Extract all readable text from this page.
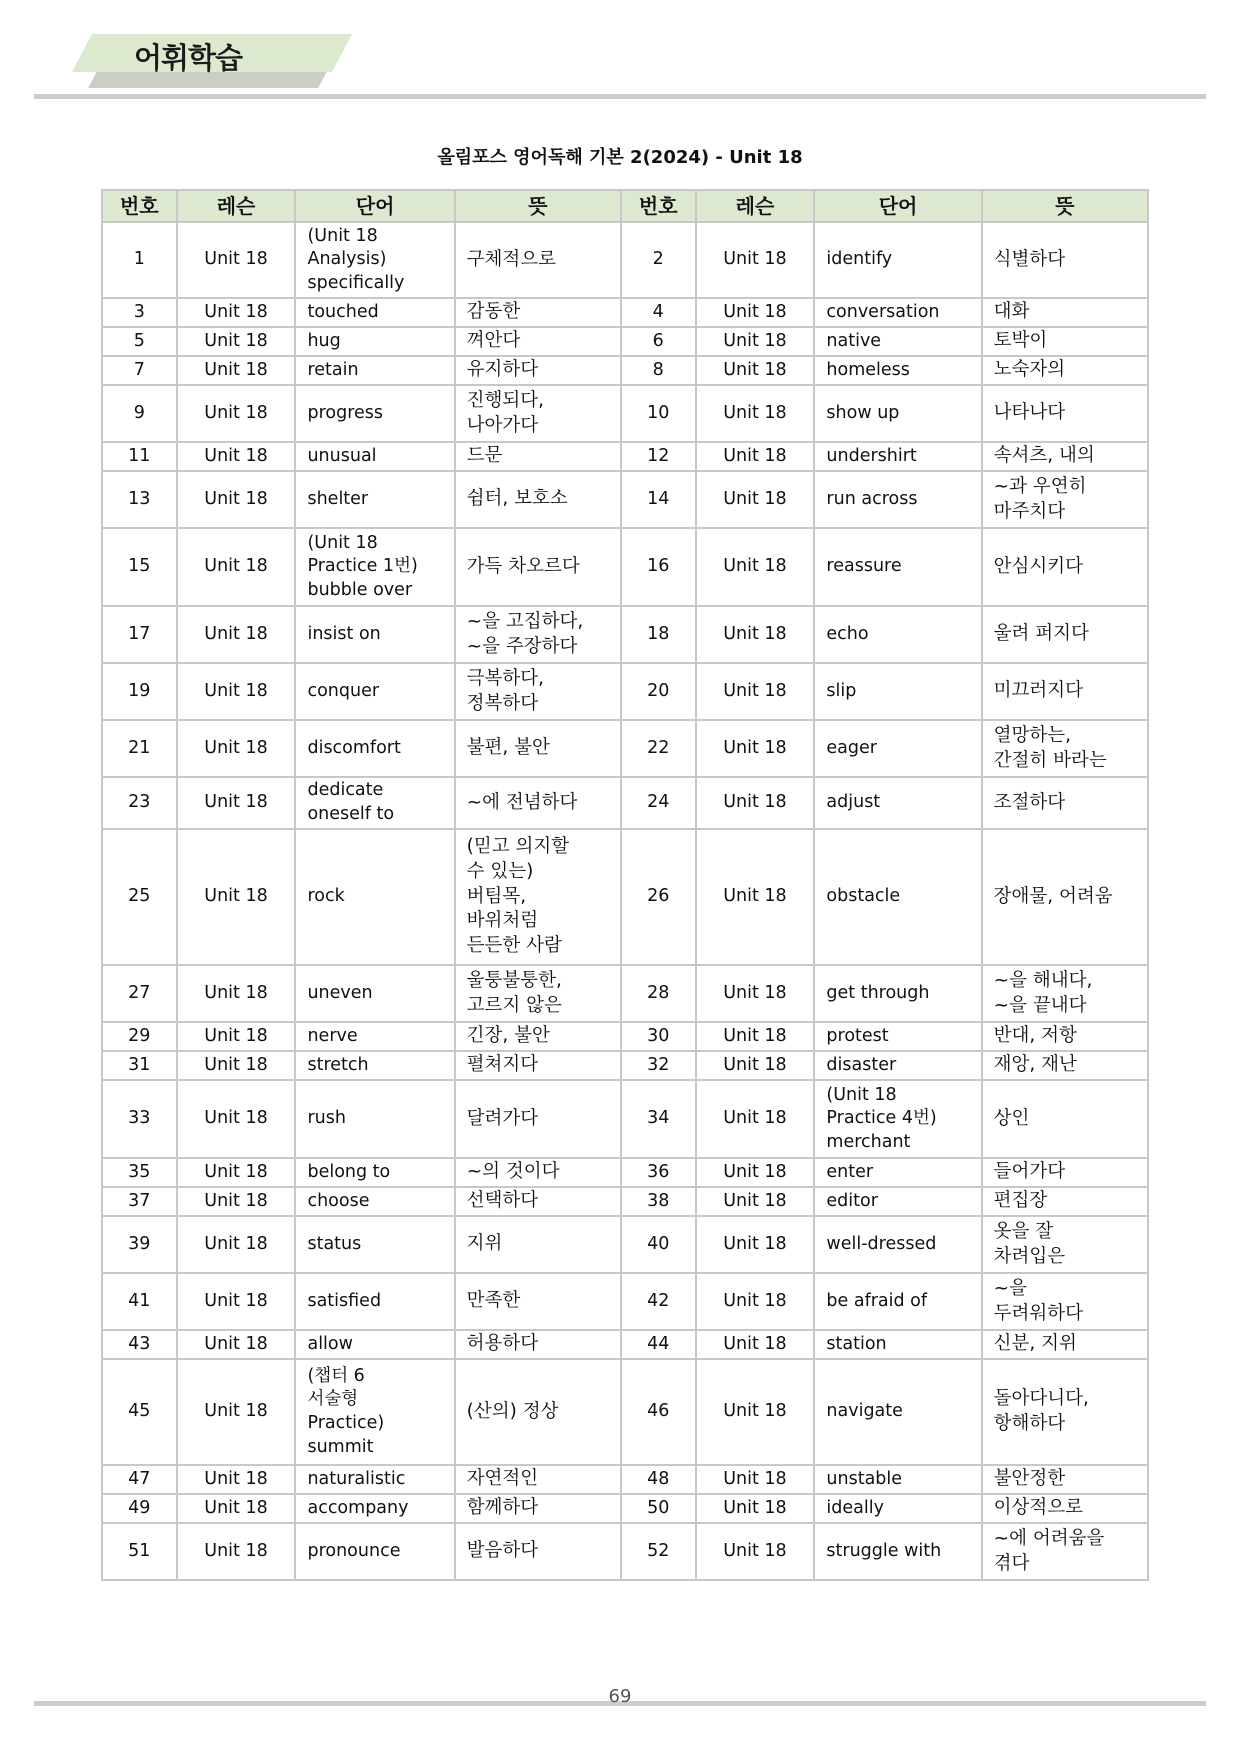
어휘학습
올림포스 영어독해 기본 2(2024) - Unit 18
번호	레슨	단어	뜻	번호	레슨	단어	뜻
1	Unit 18	(Unit 18
Analysis)
specifically	구체적으로	2	Unit 18	identify	식별하다
3	Unit 18	touched	감동한	4	Unit 18	conversation	대화
5	Unit 18	hug	껴안다	6	Unit 18	native	토박이
7	Unit 18	retain	유지하다	8	Unit 18	homeless	노숙자의
9	Unit 18	progress	진행되다,
나아가다	10	Unit 18	show up	나타나다
11	Unit 18	unusual	드문	12	Unit 18	undershirt	속셔츠, 내의
13	Unit 18	shelter	쉼터, 보호소	14	Unit 18	run across	~과 우연히
마주치다
15	Unit 18	(Unit 18
Practice 1번)
bubble over	가득 차오르다	16	Unit 18	reassure	안심시키다
17	Unit 18	insist on	~을 고집하다,
~을 주장하다	18	Unit 18	echo	울려 퍼지다
19	Unit 18	conquer	극복하다,
정복하다	20	Unit 18	slip	미끄러지다
21	Unit 18	discomfort	불편, 불안	22	Unit 18	eager	열망하는,
간절히 바라는
23	Unit 18	dedicate
oneself to	~에 전념하다	24	Unit 18	adjust	조절하다
25	Unit 18	rock	(믿고 의지할
수 있는)
버팀목,
바위처럼
든든한 사람	26	Unit 18	obstacle	장애물, 어려움
27	Unit 18	uneven	울퉁불퉁한,
고르지 않은	28	Unit 18	get through	~을 해내다,
~을 끝내다
29	Unit 18	nerve	긴장, 불안	30	Unit 18	protest	반대, 저항
31	Unit 18	stretch	펼쳐지다	32	Unit 18	disaster	재앙, 재난
33	Unit 18	rush	달려가다	34	Unit 18	(Unit 18
Practice 4번)
merchant	상인
35	Unit 18	belong to	~의 것이다	36	Unit 18	enter	들어가다
37	Unit 18	choose	선택하다	38	Unit 18	editor	편집장
39	Unit 18	status	지위	40	Unit 18	well-dressed	옷을 잘
차려입은
41	Unit 18	satisfied	만족한	42	Unit 18	be afraid of	~을
두려워하다
43	Unit 18	allow	허용하다	44	Unit 18	station	신분, 지위
45	Unit 18	(챕터 6
서술형
Practice)
summit	(산의) 정상	46	Unit 18	navigate	돌아다니다,
항해하다
47	Unit 18	naturalistic	자연적인	48	Unit 18	unstable	불안정한
49	Unit 18	accompany	함께하다	50	Unit 18	ideally	이상적으로
51	Unit 18	pronounce	발음하다	52	Unit 18	struggle with	~에 어려움을
겪다
69
